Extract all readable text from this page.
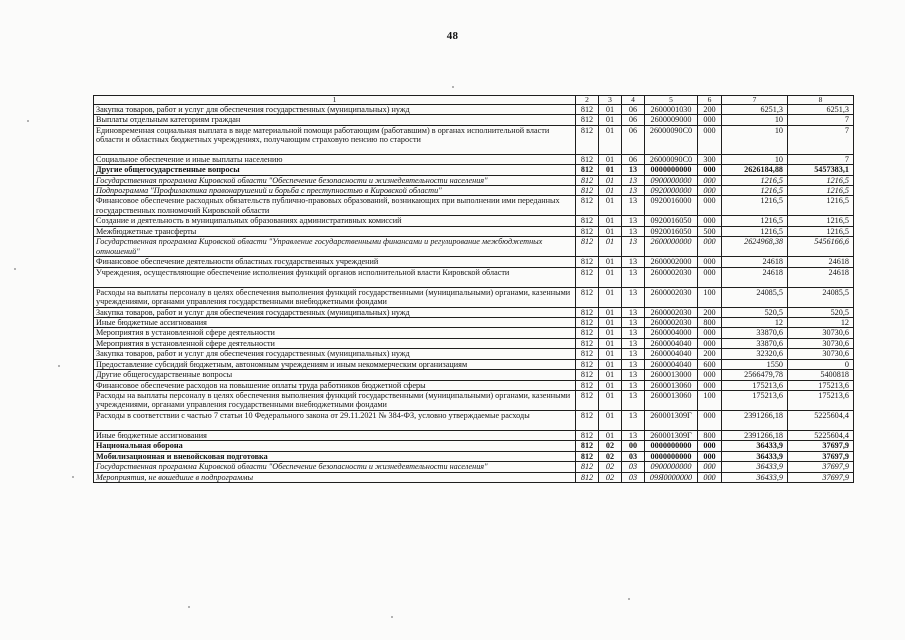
48
1	2	3	4	5	6	7	8
Закупка товаров, работ и услуг для обеспечения государственных (муниципальных) нужд	812	01	06	2600001030	200	6251,3	6251,3
Выплаты отдельным категориям граждан	812	01	06	2600009000	000	10	7
Единовременная социальная выплата в виде материальной помощи работающим (работавшим) в органах исполнительной власти области и областных бюджетных учреждениях, получающим страховую пенсию по старости	812	01	06	26000090С0	000	10	7
Социальное обеспечение и иные выплаты населению	812	01	06	26000090С0	300	10	7
Другие общегосударственные вопросы	812	01	13	0000000000	000	2626184,88	5457383,1
Государственная программа Кировской области "Обеспечение безопасности и жизнедеятельности населения"	812	01	13	0900000000	000	1216,5	1216,5
Подпрограмма "Профилактика правонарушений и борьба с преступностью в Кировской области"	812	01	13	0920000000	000	1216,5	1216,5
Финансовое обеспечение расходных обязательств публично-правовых образований, возникающих при выполнении ими переданных государственных полномочий Кировской области	812	01	13	0920016000	000	1216,5	1216,5
Создание и деятельность в муниципальных образованиях административных комиссий	812	01	13	0920016050	000	1216,5	1216,5
Межбюджетные трансферты	812	01	13	0920016050	500	1216,5	1216,5
Государственная программа Кировской области "Управление государственными финансами и регулирование межбюджетных отношений"	812	01	13	2600000000	000	2624968,38	5456166,6
Финансовое обеспечение деятельности областных государственных учреждений	812	01	13	2600002000	000	24618	24618
Учреждения, осуществляющие обеспечение исполнения функций органов исполнительной власти Кировской области	812	01	13	2600002030	000	24618	24618
Расходы на выплаты персоналу в целях обеспечения выполнения функций государственными (муниципальными) органами, казенными учреждениями, органами управления государственными внебюджетными фондами	812	01	13	2600002030	100	24085,5	24085,5
Закупка товаров, работ и услуг для обеспечения государственных (муниципальных) нужд	812	01	13	2600002030	200	520,5	520,5
Иные бюджетные ассигнования	812	01	13	2600002030	800	12	12
Мероприятия в установленной сфере деятельности	812	01	13	2600004000	000	33870,6	30730,6
Мероприятия в установленной сфере деятельности	812	01	13	2600004040	000	33870,6	30730,6
Закупка товаров, работ и услуг для обеспечения государственных (муниципальных) нужд	812	01	13	2600004040	200	32320,6	30730,6
Предоставление субсидий бюджетным, автономным учреждениям и иным некоммерческим организациям	812	01	13	2600004040	600	1550	0
Другие общегосударственные вопросы	812	01	13	2600013000	000	2566479,78	5400818
Финансовое обеспечение расходов на повышение оплаты труда работников бюджетной сферы	812	01	13	2600013060	000	175213,6	175213,6
Расходы на выплаты персоналу в целях обеспечения выполнения функций государственными (муниципальными) органами, казенными учреждениями, органами управления государственными внебюджетными фондами	812	01	13	2600013060	100	175213,6	175213,6
Расходы в соответствии с частью 7 статьи 10 Федерального закона от 29.11.2021 № 384-ФЗ, условно утверждаемые расходы	812	01	13	260001309Г	000	2391266,18	5225604,4
Иные бюджетные ассигнования	812	01	13	260001309Г	800	2391266,18	5225604,4
Национальная оборона	812	02	00	0000000000	000	36433,9	37697,9
Мобилизационная и вневойсковая подготовка	812	02	03	0000000000	000	36433,9	37697,9
Государственная программа Кировской области "Обеспечение безопасности и жизнедеятельности населения"	812	02	03	0900000000	000	36433,9	37697,9
Мероприятия, не вошедшие в подпрограммы	812	02	03	09Я0000000	000	36433,9	37697,9
